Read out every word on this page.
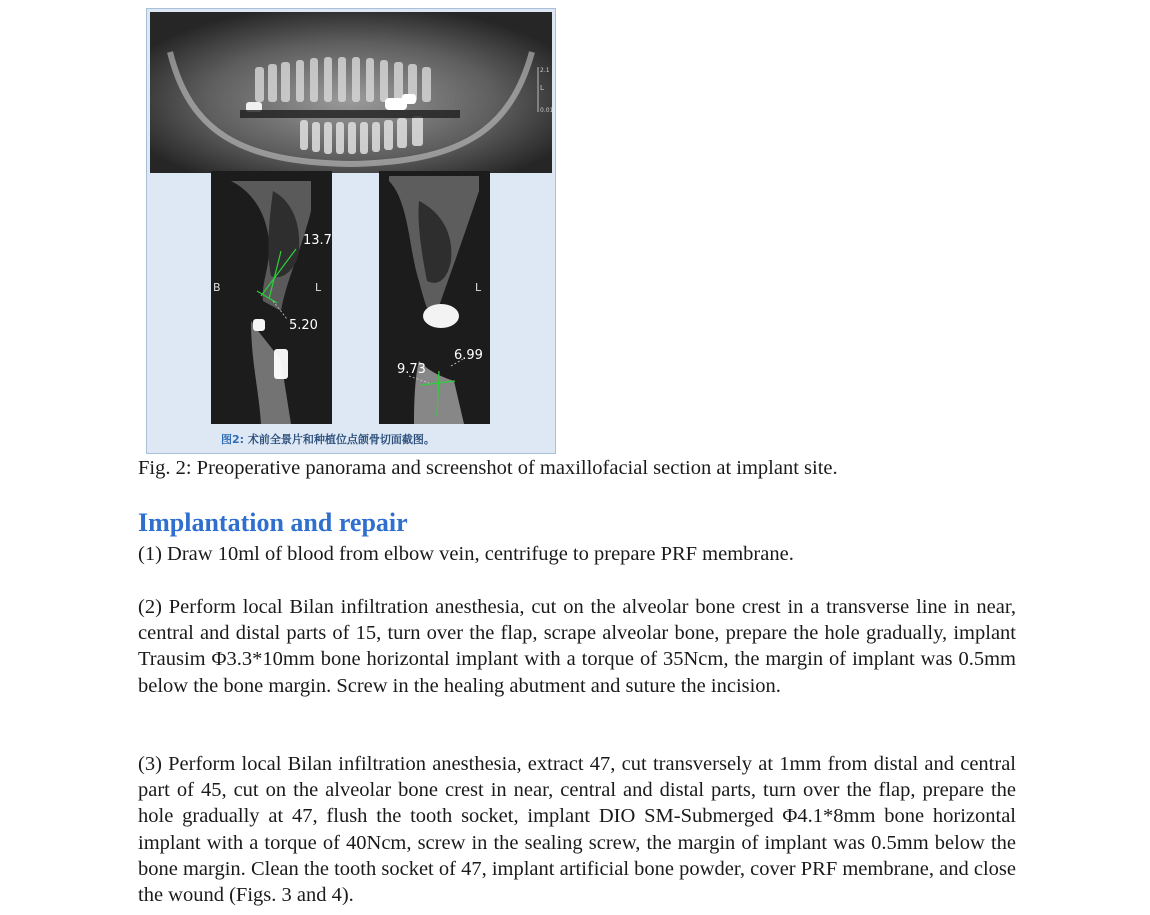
2.1
L
0.01
B	L
13.7
5.20
L
6.99
9.73
图2: 术前全景片和种植位点颌骨切面截图。
Fig. 2: Preoperative panorama and screenshot of maxillofacial section at implant site.
Implantation and repair

(1) Draw 10ml of blood from elbow vein, centrifuge to prepare PRF membrane.

(2) Perform local Bilan infiltration anesthesia, cut on the alveolar bone crest in a transverse line in near, central and distal parts of 15, turn over the flap, scrape alveolar bone, prepare the hole gradually, implant Trausim Φ3.3*10mm bone horizontal implant with a torque of 35Ncm, the margin of implant was 0.5mm below the bone margin. Screw in the healing abutment and suture the incision.

(3) Perform local Bilan infiltration anesthesia, extract 47, cut transversely at 1mm from distal and central part of 45, cut on the alveolar bone crest in near, central and distal parts, turn over the flap, prepare the hole gradually at 47, flush the tooth socket, implant DIO SM-Submerged Φ4.1*8mm bone horizontal implant with a torque of 40Ncm, screw in the sealing screw, the margin of implant was 0.5mm below the bone margin. Clean the tooth socket of 47, implant artificial bone powder, cover PRF membrane, and close the wound (Figs. 3 and 4).
